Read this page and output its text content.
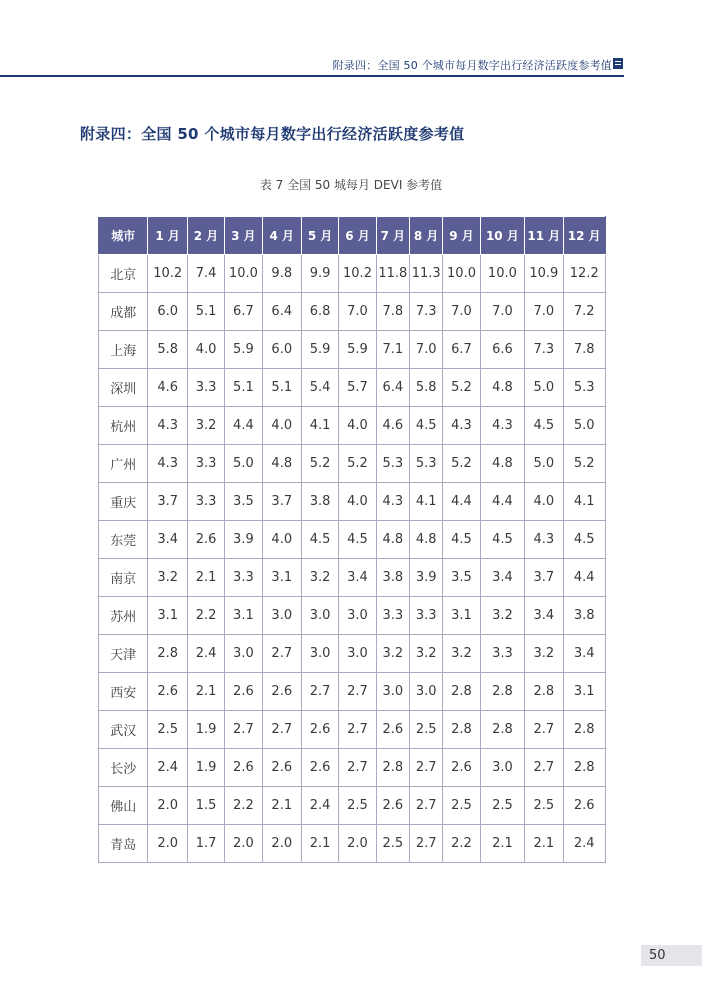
附录四：全国 50 个城市每月数字出行经济活跃度参考值
附录四：全国 50 个城市每月数字出行经济活跃度参考值
表 7 全国 50 城每月 DEVI 参考值
城市	1 月	2 月	3 月	4 月	5 月	6 月	7 月	8 月	9 月	10 月	11 月	12 月
北京	10.2	7.4	10.0	9.8	9.9	10.2	11.8	11.3	10.0	10.0	10.9	12.2
成都	6.0	5.1	6.7	6.4	6.8	7.0	7.8	7.3	7.0	7.0	7.0	7.2
上海	5.8	4.0	5.9	6.0	5.9	5.9	7.1	7.0	6.7	6.6	7.3	7.8
深圳	4.6	3.3	5.1	5.1	5.4	5.7	6.4	5.8	5.2	4.8	5.0	5.3
杭州	4.3	3.2	4.4	4.0	4.1	4.0	4.6	4.5	4.3	4.3	4.5	5.0
广州	4.3	3.3	5.0	4.8	5.2	5.2	5.3	5.3	5.2	4.8	5.0	5.2
重庆	3.7	3.3	3.5	3.7	3.8	4.0	4.3	4.1	4.4	4.4	4.0	4.1
东莞	3.4	2.6	3.9	4.0	4.5	4.5	4.8	4.8	4.5	4.5	4.3	4.5
南京	3.2	2.1	3.3	3.1	3.2	3.4	3.8	3.9	3.5	3.4	3.7	4.4
苏州	3.1	2.2	3.1	3.0	3.0	3.0	3.3	3.3	3.1	3.2	3.4	3.8
天津	2.8	2.4	3.0	2.7	3.0	3.0	3.2	3.2	3.2	3.3	3.2	3.4
西安	2.6	2.1	2.6	2.6	2.7	2.7	3.0	3.0	2.8	2.8	2.8	3.1
武汉	2.5	1.9	2.7	2.7	2.6	2.7	2.6	2.5	2.8	2.8	2.7	2.8
长沙	2.4	1.9	2.6	2.6	2.6	2.7	2.8	2.7	2.6	3.0	2.7	2.8
佛山	2.0	1.5	2.2	2.1	2.4	2.5	2.6	2.7	2.5	2.5	2.5	2.6
青岛	2.0	1.7	2.0	2.0	2.1	2.0	2.5	2.7	2.2	2.1	2.1	2.4
50
